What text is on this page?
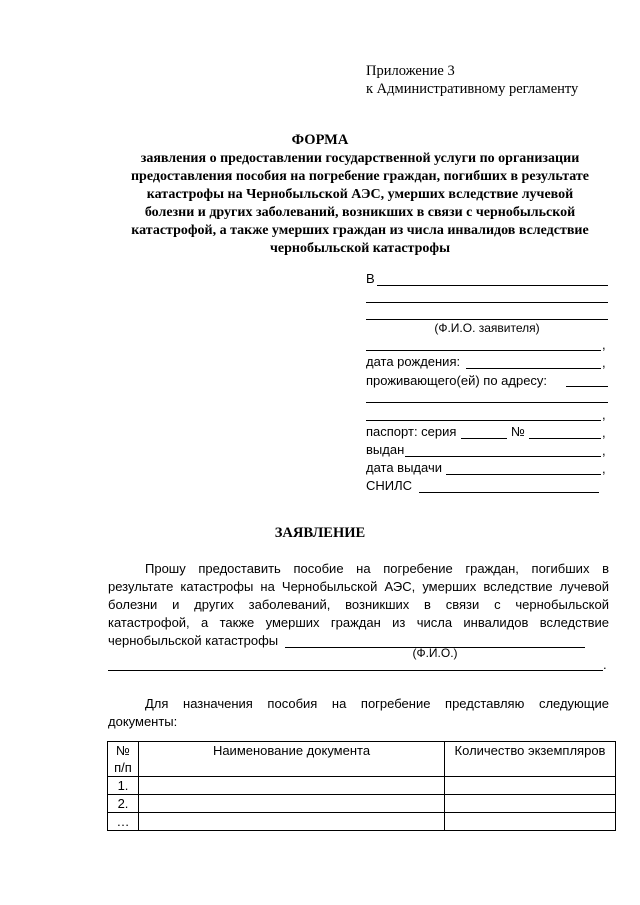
Приложение 3
к Административному регламенту
ФОРМА
заявления о предоставлении государственной услуги по организации
предоставления пособия на погребение граждан, погибших в результате
катастрофы на Чернобыльской АЭС, умерших вследствие лучевой
болезни и других заболеваний, возникших в связи с чернобыльской
катастрофой, а также умерших граждан из числа инвалидов вследствие
чернобыльской катастрофы
В
(Ф.И.О. заявителя)
,
дата рождения:	,
проживающего(ей) по адресу:
,
паспорт: серия	№	,
выдан	,
дата выдачи	,
СНИЛС
ЗАЯВЛЕНИЕ
Прошу предоставить пособие на погребение граждан, погибших в
результате катастрофы на Чернобыльской АЭС, умерших вследствие лучевой
болезни и других заболеваний, возникших в связи с чернобыльской
катастрофой, а также умерших граждан из числа инвалидов вследствие
чернобыльской катастрофы
(Ф.И.О.)
.
Для назначения пособия на погребение представляю следующие
документы:
№
п/п	Наименование документа	Количество экземпляров
1.		
2.		
…		
